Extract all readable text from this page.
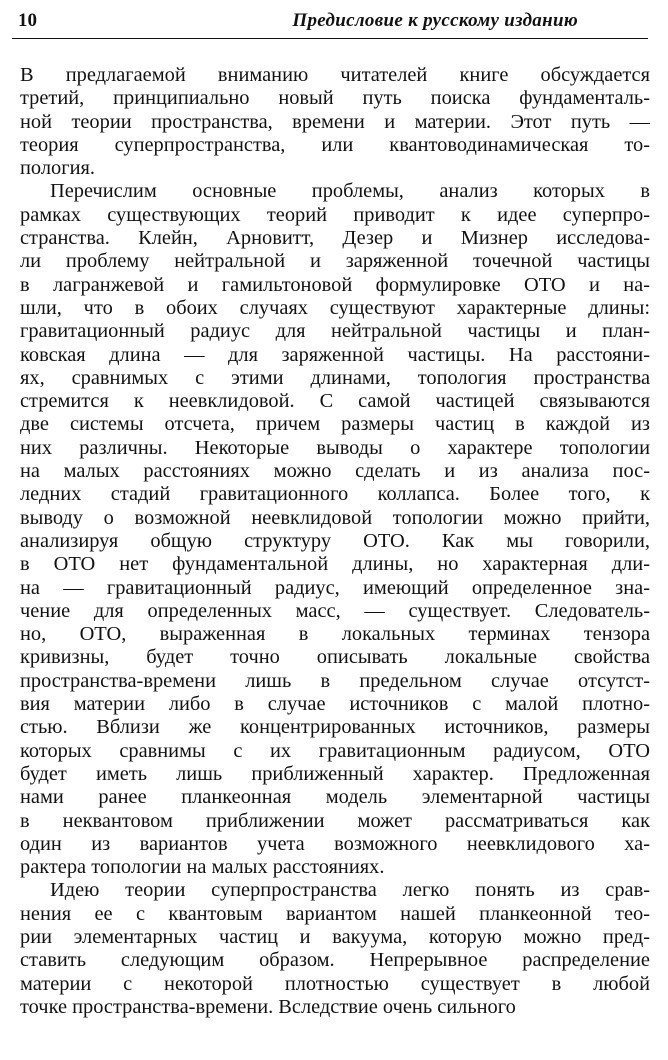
10	Предисловие к русскому изданию
В предлагаемой вниманию читателей книге обсуждается
третий, принципиально новый путь поиска фундаменталь-
ной теории пространства, времени и материи. Этот путь —
теория суперпространства, или квантоводинамическая то-
пология.
Перечислим основные проблемы, анализ которых в
рамках существующих теорий приводит к идее суперпро-
странства. Клейн, Арновитт, Дезер и Мизнер исследова-
ли проблему нейтральной и заряженной точечной частицы
в лагранжевой и гамильтоновой формулировке ОТО и на-
шли, что в обоих случаях существуют характерные длины:
гравитационный радиус для нейтральной частицы и план-
ковская длина — для заряженной частицы. На расстояни-
ях, сравнимых с этими длинами, топология пространства
стремится к неевклидовой. С самой частицей связываются
две системы отсчета, причем размеры частиц в каждой из
них различны. Некоторые выводы о характере топологии
на малых расстояниях можно сделать и из анализа пос-
ледних стадий гравитационного коллапса. Более того, к
выводу о возможной неевклидовой топологии можно прийти,
анализируя общую структуру ОТО. Как мы говорили,
в ОТО нет фундаментальной длины, но характерная дли-
на — гравитационный радиус, имеющий определенное зна-
чение для определенных масс, — существует. Следователь-
но, ОТО, выраженная в локальных терминах тензора
кривизны, будет точно описывать локальные свойства
пространства-времени лишь в предельном случае отсутст-
вия материи либо в случае источников с малой плотно-
стью. Вблизи же концентрированных источников, размеры
которых сравнимы с их гравитационным радиусом, ОТО
будет иметь лишь приближенный характер. Предложенная
нами ранее планкеонная модель элементарной частицы
в неквантовом приближении может рассматриваться как
один из вариантов учета возможного неевклидового ха-
рактера топологии на малых расстояниях.
Идею теории суперпространства легко понять из срав-
нения ее с квантовым вариантом нашей планкеонной тео-
рии элементарных частиц и вакуума, которую можно пред-
ставить следующим образом. Непрерывное распределение
материи с некоторой плотностью существует в любой
точке пространства-времени. Вследствие очень сильного
